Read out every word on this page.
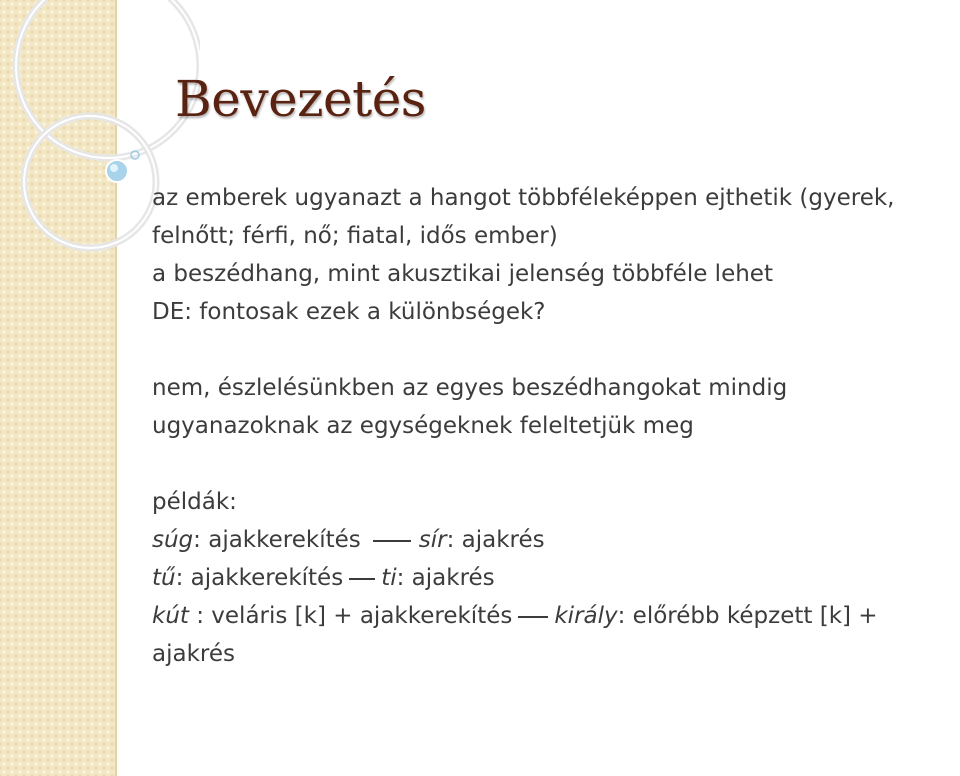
Bevezetés

az emberek ugyanazt a hangot többféleképpen ejthetik (gyerek,

felnőtt; férfi, nő; fiatal, idős ember)

a beszédhang, mint akusztikai jelenség többféle lehet

DE: fontosak ezek a különbségek?

nem, észlelésünkben az egyes beszédhangokat mindig

ugyanazoknak az egységeknek feleltetjük meg

példák:

súg: ajakkerekítés	sír: ajakrés

tű: ajakkerekítés ti: ajakrés

kút : veláris [k] + ajakkerekítés király: előrébb képzett [k] +

ajakrés
